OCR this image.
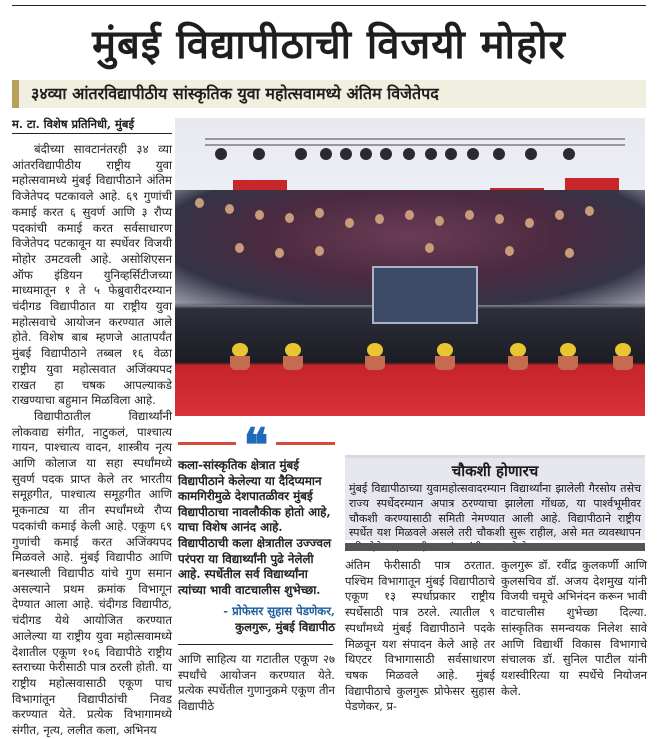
मुंबई विद्यापीठाची विजयी मोहोर
३४व्या आंतरविद्यापीठीय सांस्कृतिक युवा महोत्सवामध्ये अंतिम विजेतेपद
म. टा. विशेष प्रतिनिधी, मुंबई

बंदीच्या सावटानंतरही ३४ व्या आंतरविद्यापीठीय राष्ट्रीय युवा महोत्सवामध्ये मुंबई विद्यापीठाने अंतिम विजेतेपद पटकावले आहे. ६९ गुणांची कमाई करत ६ सुवर्ण आणि ३ रौप्य पदकांची कमाई करत सर्वसाधारण विजेतेपद पटकावून या स्पर्धेवर विजयी मोहोर उमटवली आहे. असोशिएसन ऑफ इंडियन युनिव्हर्सिटीजच्या माध्यमातून १ ते ५ फेब्रुवारीदरम्यान चंदीगड विद्यापीठात या राष्ट्रीय युवा महोत्सवाचे आयोजन करण्यात आले होते. विशेष बाब म्हणजे आतापर्यंत मुंबई विद्यापीठाने तब्बल १६ वेळा राष्ट्रीय युवा महोत्सवात अजिंक्यपद राखत हा चषक आपल्याकडे राखण्याचा बहुमान मिळविला आहे.

विद्यापीठातील विद्यार्थ्यांनी लोकवाद्य संगीत, नाटुकलं, पाश्चात्य गायन, पाश्चात्य वादन, शास्त्रीय नृत्य आणि कोलाज या सहा स्पर्धांमध्ये सुवर्ण पदक प्राप्त केले तर भारतीय समूहगीत, पाश्चात्य समूहगीत आणि मूकनाट्य या तीन स्पर्धांमध्ये रौप्य पदकांची कमाई केली आहे. एकूण ६९ गुणांची कमाई करत अजिंक्यपद मिळवले आहे. मुंबई विद्यापीठ आणि बनस्थाली विद्यापीठ यांचे गुण समान असल्याने प्रथम क्रमांक विभागून देण्यात आला आहे. चंदीगड विद्यापीठ, चंदीगड येथे आयोजित करण्यात आलेल्या या राष्ट्रीय युवा महोत्सवामध्ये देशातील एकूण १०६ विद्यापीठे राष्ट्रीय स्तराच्या फेरीसाठी पात्र ठरली होती. या राष्ट्रीय महोत्सवासाठी एकूण पाच विभागांतून विद्यापीठांची निवड करण्यात येते. प्रत्येक विभागामध्ये संगीत, नृत्य, ललीत कला, अभिनय

❝
कला-सांस्कृतिक क्षेत्रात मुंबई विद्यापीठाने केलेल्या या दैदिप्यमान कामगिरीमुळे देशपातळीवर मुंबई विद्यापीठाचा नावलौकीक होतो आहे, याचा विशेष आनंद आहे. विद्यापीठाची कला क्षेत्रातील उज्ज्वल परंपरा या विद्यार्थ्यांनी पुढे नेलेली आहे. स्पर्धेतील सर्व विद्यार्थ्यांना त्यांच्या भावी वाटचालीस शुभेच्छा.
- प्रोफेसर सुहास पेडणेकर,
कुलगुरू, मुंबई विद्यापीठ
आणि साहित्य या गटातील एकूण २७ स्पर्धांचे आयोजन करण्यात येते. प्रत्येक स्पर्धेतील गुणानुक्रमे एकूण तीन विद्यापीठे
चौकशी होणारच
मुंबई विद्यापीठाच्या युवामहोत्सवादरम्यान विद्यार्थ्यांना झालेली गैरसोय तसेच राज्य स्पर्धेदरम्यान अपात्र ठरण्याचा झालेला गोंधळ, या पार्श्वभूमीवर चौकशी करण्यासाठी समिती नेमण्यात आली आहे. विद्यापीठाने राष्ट्रीय स्पर्धेत यश मिळवले असले तरी चौकशी सुरू राहील, असे मत व्यवस्थापन
अंतिम फेरीसाठी पात्र ठरतात. पश्चिम विभागातून मुंबई विद्यापीठाचे एकूण १३ स्पर्धाप्रकार राष्ट्रीय स्पर्धेसाठी पात्र ठरले. त्यातील ९ स्पर्धांमध्ये मुंबई विद्यापीठाने पदके मिळवून यश संपादन केले आहे तर थिएटर विभागासाठी सर्वसाधारण चषक मिळवले आहे. मुंबई विद्यापीठाचे कुलगुरू प्रोफेसर सुहास पेडणेकर, प्र-
कुलगुरू डॉ. रवींद्र कुलकर्णी आणि कुलसचिव डॉ. अजय देशमुख यांनी विजयी चमूचे अभिनंदन करून भावी वाटचालीस शुभेच्छा दिल्या. सांस्कृतिक समन्वयक निलेश सावे आणि विद्यार्थी विकास विभागाचे संचालक डॉ. सुनिल पाटील यांनी यशस्वीरित्या या स्पर्धेचे नियोजन केले.
